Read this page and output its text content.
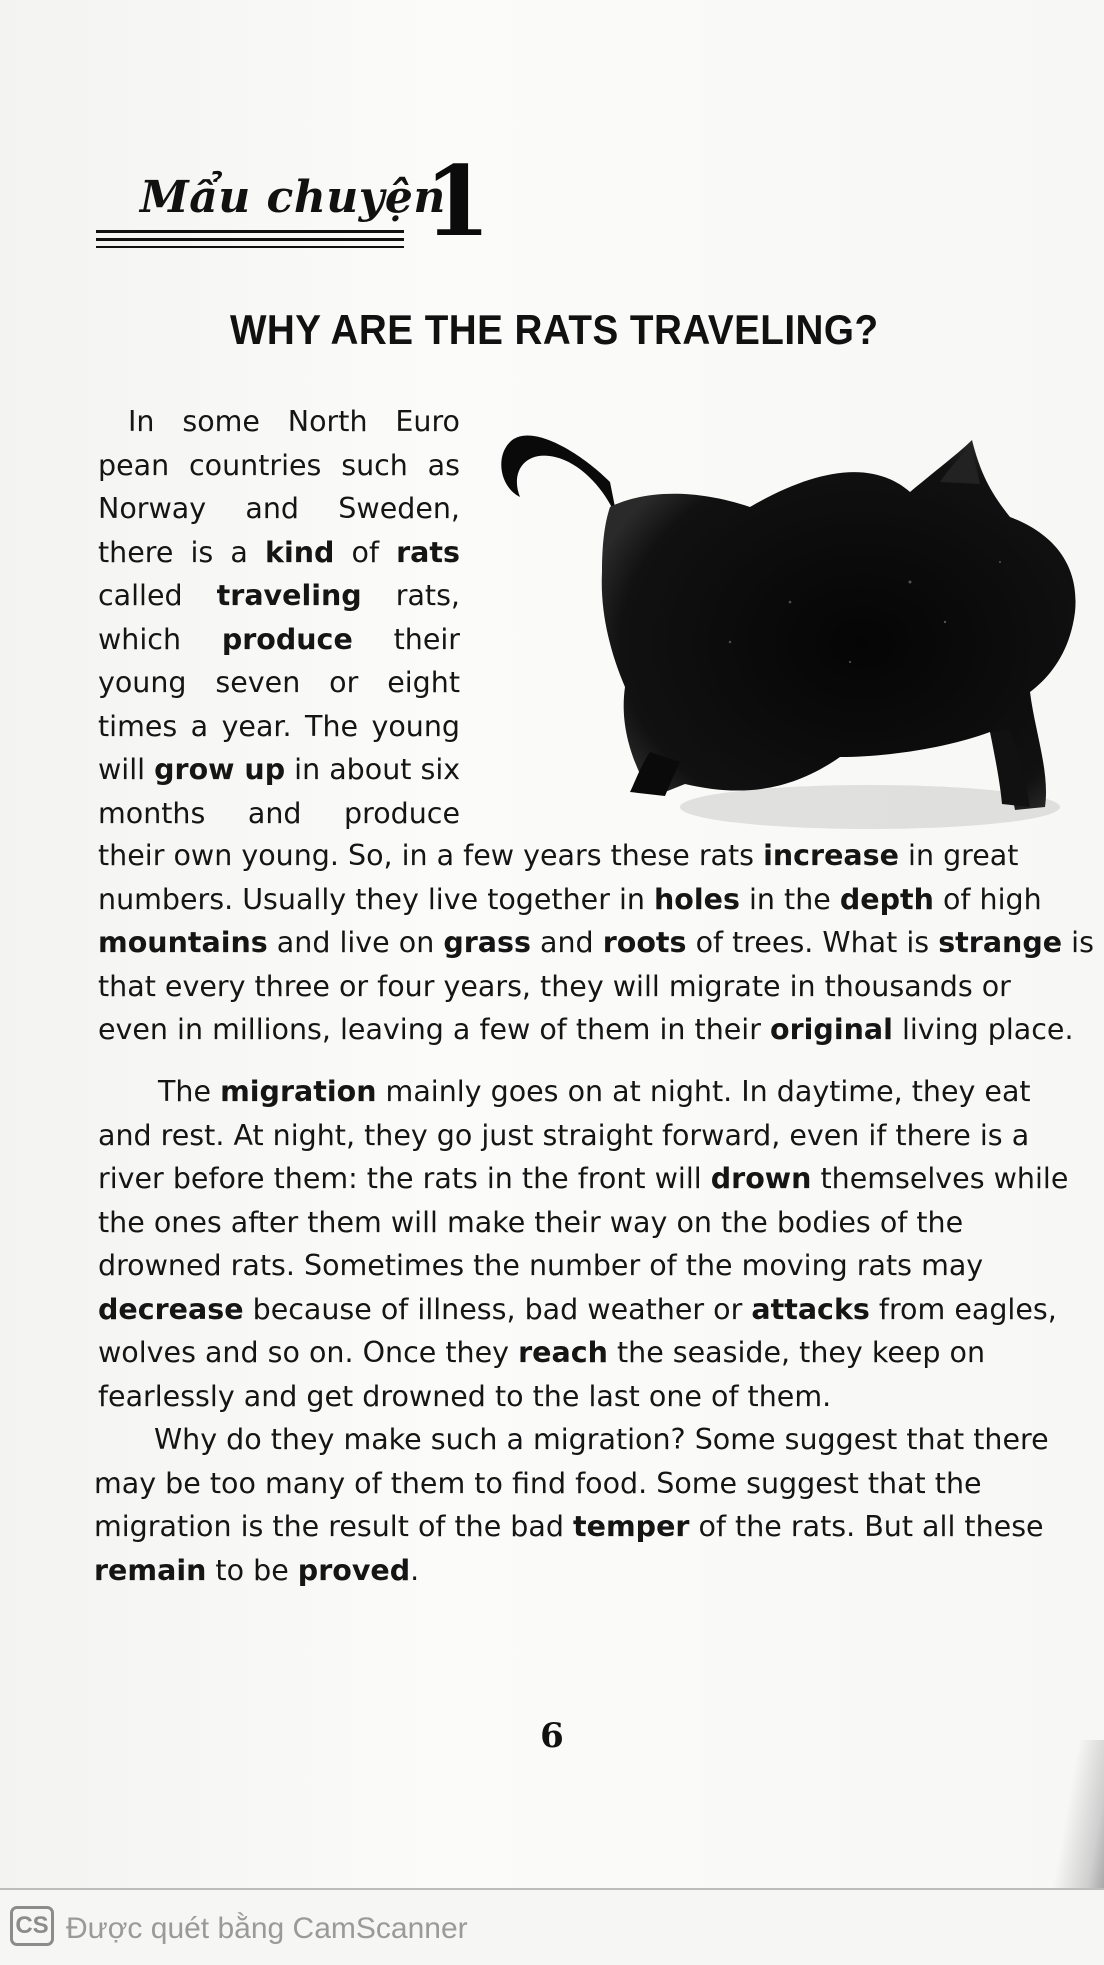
Mẩu chuyện
1
WHY ARE THE RATS TRAVELING?
In some North Euro
pean countries such as
Norway and Sweden,
there is a kind of rats
called traveling rats,
which produce their
young seven or eight
times a year. The young
will grow up in about six
months and produce
their own young. So, in a few years these rats increase in great
numbers. Usually they live together in holes in the depth of high
mountains and live on grass and roots of trees. What is strange is
that every three or four years, they will migrate in thousands or
even in millions, leaving a few of them in their original living place.
The migration mainly goes on at night. In daytime, they eat
and rest. At night, they go just straight forward, even if there is a
river before them: the rats in the front will drown themselves while
the ones after them will make their way on the bodies of the
drowned rats. Sometimes the number of the moving rats may
decrease because of illness, bad weather or attacks from eagles,
wolves and so on. Once they reach the seaside, they keep on
fearlessly and get drowned to the last one of them.
Why do they make such a migration? Some suggest that there
may be too many of them to find food. Some suggest that the
migration is the result of the bad temper of the rats. But all these
remain to be proved.
6
CS Được quét bằng CamScanner
